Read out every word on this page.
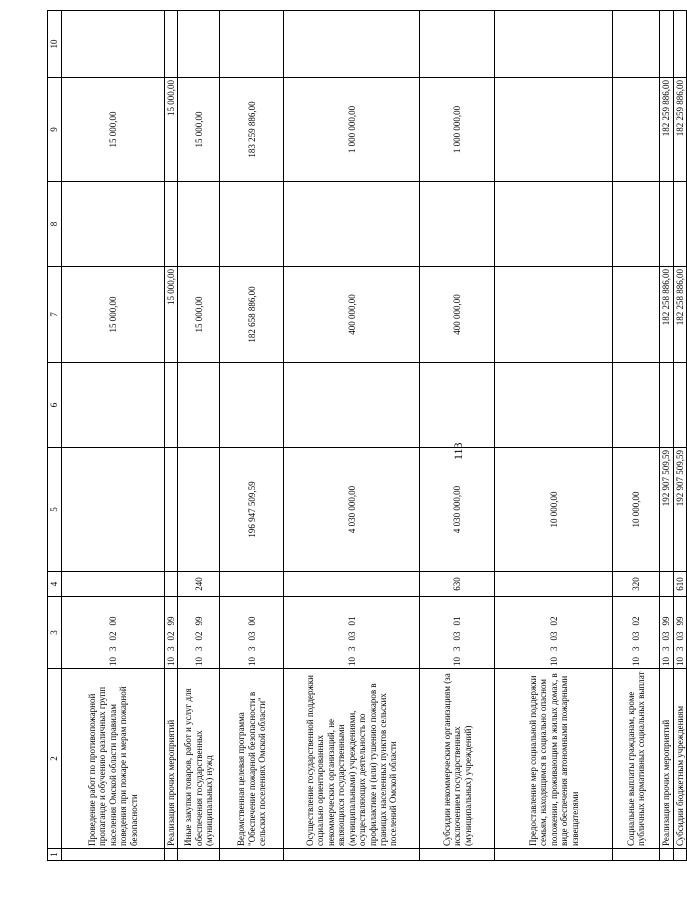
113
1	2	3	4	5	6	7	8	9	10
	Проведение работ по противопожарной пропаганде и обучению различных групп населения Омской области правилам поведения при пожаре и мерам пожарной безопасности	1030200				15 000,00		15 000,00	
	Реализация прочих мероприятий	1030299				15 000,00		15 000,00	
	Иные закупки товаров, работ и услуг для обеспечения государственных (муниципальных) нужд	1030299	240			15 000,00		15 000,00	
	Ведомственная целевая программа "Обеспечение пожарной безопасности в сельских поселениях Омской области"	1030300		196 947 509,59		182 658 886,00		183 259 886,00	
	Осуществление государственной поддержки социально ориентированных некоммерческих организаций, не являющихся государственными (муниципальными) учреждениями, осуществляющих деятельность по профилактике и (или) тушению пожаров в границах населенных пунктов сельских поселений Омской области	1030301		4 030 000,00		400 000,00		1 000 000,00	
	Субсидии некоммерческим организациям (за исключением государственных (муниципальных) учреждений)	1030301	630	4 030 000,00		400 000,00		1 000 000,00	
	Предоставление мер социальной поддержки семьям, находящимся в социально опасном положении, проживающим в жилых домах, в виде обеспечения автономными пожарными извещателями	1030302		10 000,00					
	Социальные выплаты гражданам, кроме публичных нормативных социальных выплат	1030302	320	10 000,00					
	Реализация прочих мероприятий	1030399		192 907 509,59		182 258 886,00		182 259 886,00	
	Субсидии бюджетным учреждениям	1030399	610	192 907 509,59		182 258 886,00		182 259 886,00	
